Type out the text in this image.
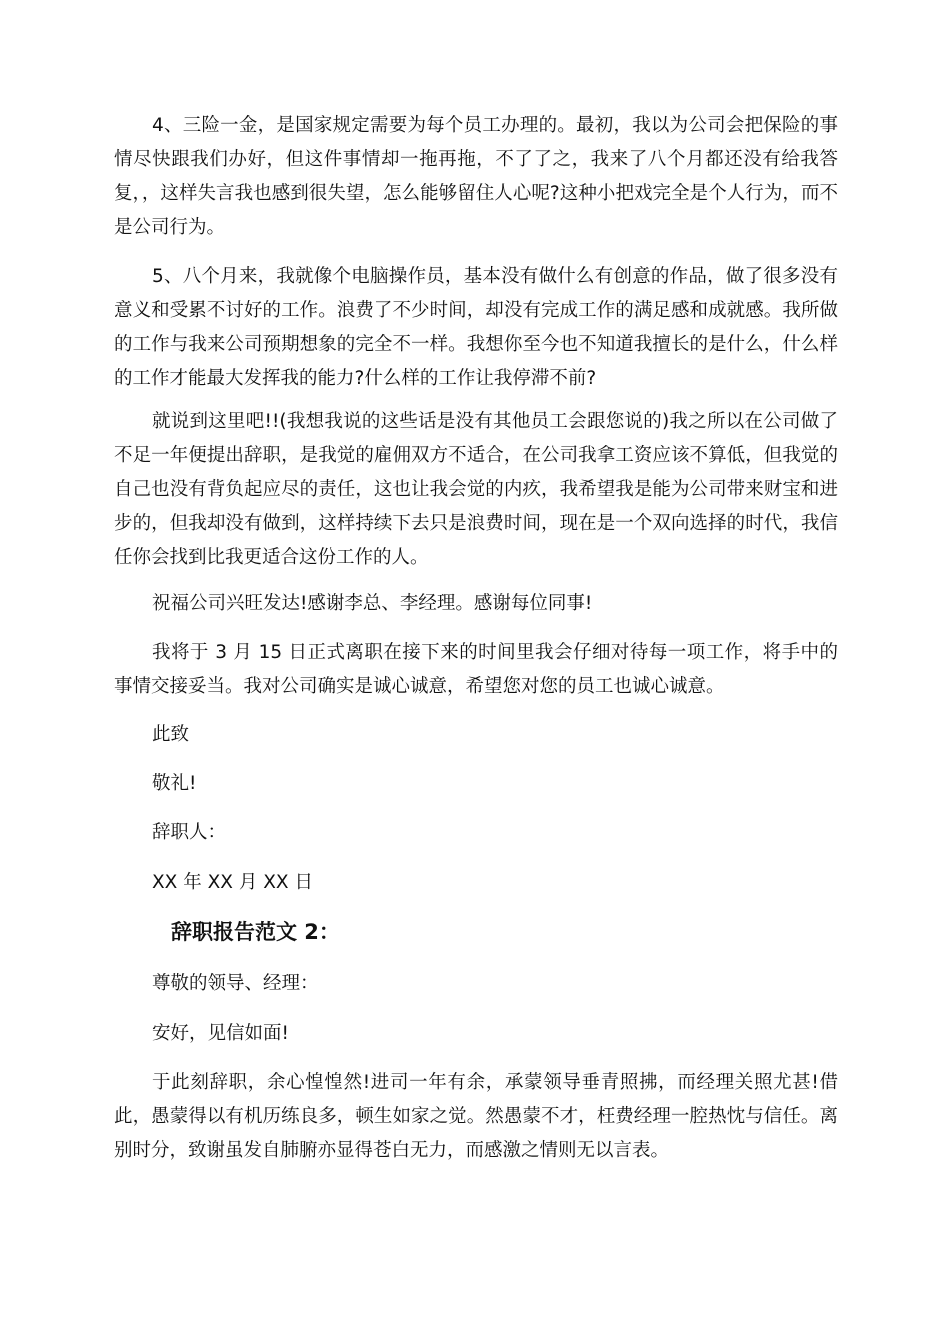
4、三险一金，是国家规定需要为每个员工办理的。最初，我以为公司会把保险的事情尽快跟我们办好，但这件事情却一拖再拖，不了了之，我来了八个月都还没有给我答复，，这样失言我也感到很失望，怎么能够留住人心呢?这种小把戏完全是个人行为，而不是公司行为。

5、八个月来，我就像个电脑操作员，基本没有做什么有创意的作品，做了很多没有意义和受累不讨好的工作。浪费了不少时间，却没有完成工作的满足感和成就感。我所做的工作与我来公司预期想象的完全不一样。我想你至今也不知道我擅长的是什么，什么样的工作才能最大发挥我的能力?什么样的工作让我停滞不前?

就说到这里吧!!(我想我说的这些话是没有其他员工会跟您说的)我之所以在公司做了不足一年便提出辞职，是我觉的雇佣双方不适合，在公司我拿工资应该不算低，但我觉的自己也没有背负起应尽的责任，这也让我会觉的内疚，我希望我是能为公司带来财宝和进步的，但我却没有做到，这样持续下去只是浪费时间，现在是一个双向选择的时代，我信任你会找到比我更适合这份工作的人。

祝福公司兴旺发达!感谢李总、李经理。感谢每位同事!

我将于 3 月 15 日正式离职在接下来的时间里我会仔细对待每一项工作，将手中的事情交接妥当。我对公司确实是诚心诚意，希望您对您的员工也诚心诚意。

此致

敬礼!

辞职人：

XX 年 XX 月 XX 日

辞职报告范文 2：

尊敬的领导、经理：

安好，见信如面!

于此刻辞职，余心惶惶然!进司一年有余，承蒙领导垂青照拂，而经理关照尤甚!借此，愚蒙得以有机历练良多，顿生如家之觉。然愚蒙不才，枉费经理一腔热忱与信任。离别时分，致谢虽发自肺腑亦显得苍白无力，而感激之情则无以言表。
